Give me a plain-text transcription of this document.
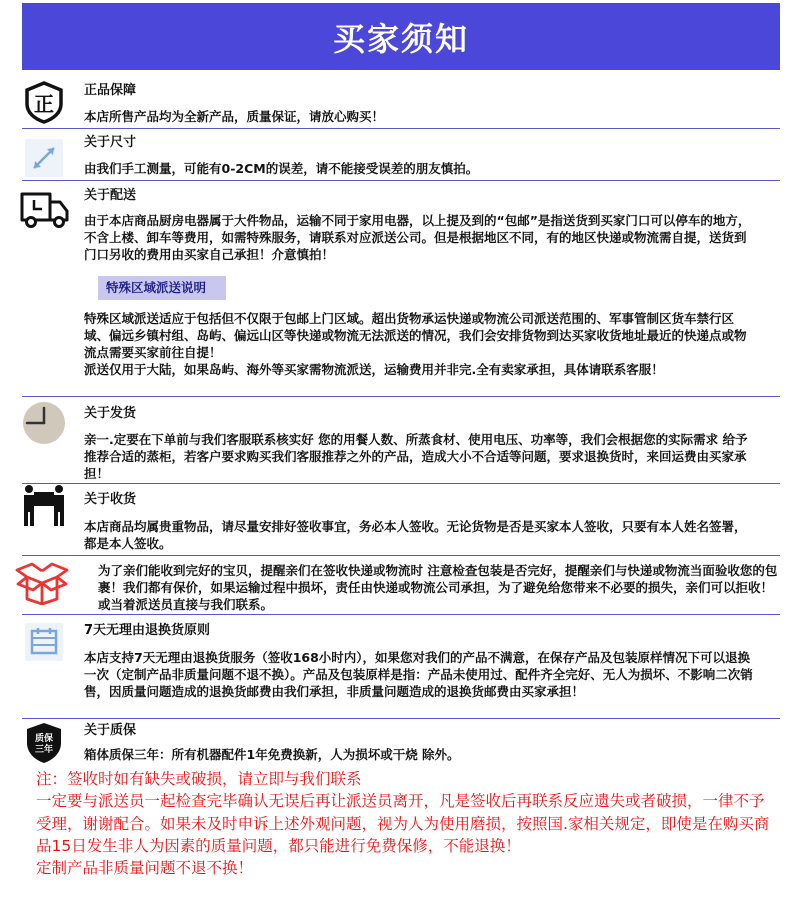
买家须知
正
正品保障
本店所售产品均为全新产品，质量保证，请放心购买！
关于尺寸
由我们手工测量，可能有0-2CM的误差，请不能接受误差的朋友慎拍。
关于配送
由于本店商品厨房电器属于大件物品，运输不同于家用电器，以上提及到的“包邮”是指送货到买家门口可以停车的地方，不含上楼、卸车等费用，如需特殊服务，请联系对应派送公司。但是根据地区不同，有的地区快递或物流需自提，送货到门口另收的费用由买家自己承担！介意慎拍！
特殊区域派送说明
特殊区域派送适应于包括但不仅限于包邮上门区域。超出货物承运快递或物流公司派送范围的、军事管制区货车禁行区域、偏远乡镇村组、岛屿、偏远山区等快递或物流无法派送的情况，我们会安排货物到达买家收货地址最近的快递点或物流点需要买家前往自提！
派送仅用于大陆，如果岛屿、海外等买家需物流派送，运输费用并非完.全有卖家承担，具体请联系客服！
关于发货
亲一.定要在下单前与我们客服联系核实好 您的用餐人数、所蒸食材、使用电压、功率等，我们会根据您的实际需求 给予推荐合适的蒸柜，若客户要求购买我们客服推荐之外的产品，造成大小不合适等问题，要求退换货时，来回运费由买家承担！
关于收货
本店商品均属贵重物品，请尽量安排好签收事宜，务必本人签收。无论货物是否是买家本人签收，只要有本人姓名签署，都是本人签收。
为了亲们能收到完好的宝贝，提醒亲们在签收快递或物流时 注意检查包装是否完好，提醒亲们与快递或物流当面验收您的包裹！我们都有保价，如果运输过程中损坏，责任由快递或物流公司承担，为了避免给您带来不必要的损失，亲们可以拒收！或当着派送员直接与我们联系。
7天无理由退换货原则
本店支持7天无理由退换货服务（签收168小时内），如果您对我们的产品不满意，在保存产品及包装原样情况下可以退换一次（定制产品非质量问题不退不换）。产品及包装原样是指：产品未使用过、配件齐全完好、无人为损坏、不影响二次销售，因质量问题造成的退换货邮费由我们承担，非质量问题造成的退换货邮费由买家承担！
质保
三年
关于质保
箱体质保三年：所有机器配件1年免费换新，人为损坏或干烧 除外。
注：签收时如有缺失或破损，请立即与我们联系
一定要与派送员一起检查完毕确认无误后再让派送员离开，凡是签收后再联系反应遗失或者破损，一律不予受理，谢谢配合。如果未及时申诉上述外观问题，视为人为使用磨损，按照国.家相关规定，即使是在购买商品15日发生非人为因素的质量问题，都只能进行免费保修，不能退换！
定制产品非质量问题不退不换！
